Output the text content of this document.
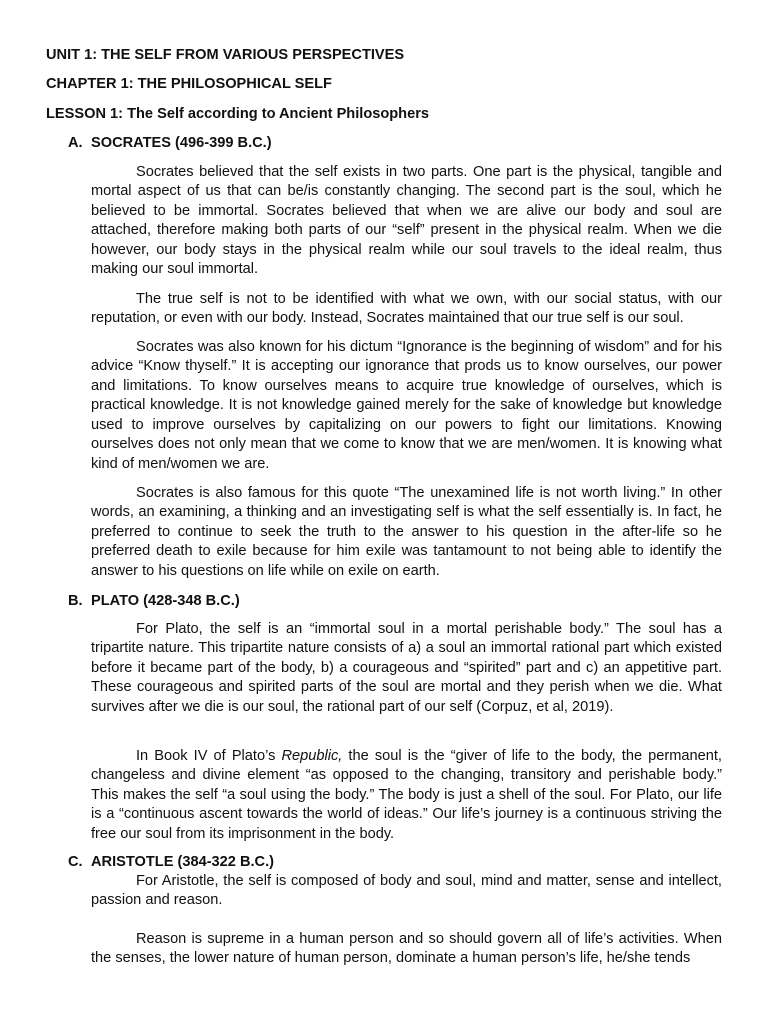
UNIT 1: THE SELF FROM VARIOUS PERSPECTIVES
CHAPTER 1: THE PHILOSOPHICAL SELF
LESSON 1: The Self according to Ancient Philosophers
A. SOCRATES (496-399 B.C.)

Socrates believed that the self exists in two parts. One part is the physical, tangible and mortal aspect of us that can be/is constantly changing. The second part is the soul, which he believed to be immortal. Socrates believed that when we are alive our body and soul are attached, therefore making both parts of our “self” present in the physical realm. When we die however, our body stays in the physical realm while our soul travels to the ideal realm, thus making our soul immortal.

The true self is not to be identified with what we own, with our social status, with our reputation, or even with our body. Instead, Socrates maintained that our true self is our soul.

Socrates was also known for his dictum “Ignorance is the beginning of wisdom” and for his advice “Know thyself.” It is accepting our ignorance that prods us to know ourselves, our power and limitations. To know ourselves means to acquire true knowledge of ourselves, which is practical knowledge. It is not knowledge gained merely for the sake of knowledge but knowledge used to improve ourselves by capitalizing on our powers to fight our limitations. Knowing ourselves does not only mean that we come to know that we are men/women. It is knowing what kind of men/women we are.

Socrates is also famous for this quote “The unexamined life is not worth living.” In other words, an examining, a thinking and an investigating self is what the self essentially is. In fact, he preferred to continue to seek the truth to the answer to his question in the after-life so he preferred death to exile because for him exile was tantamount to not being able to identify the answer to his questions on life while on exile on earth.

B. PLATO (428-348 B.C.)

For Plato, the self is an “immortal soul in a mortal perishable body.” The soul has a tripartite nature. This tripartite nature consists of a) a soul an immortal rational part which existed before it became part of the body, b) a courageous and “spirited” part and c) an appetitive part. These courageous and spirited parts of the soul are mortal and they perish when we die. What survives after we die is our soul, the rational part of our self (Corpuz, et al, 2019).

In Book IV of Plato’s Republic, the soul is the “giver of life to the body, the permanent, changeless and divine element “as opposed to the changing, transitory and perishable body.” This makes the self “a soul using the body.” The body is just a shell of the soul. For Plato, our life is a “continuous ascent towards the world of ideas.” Our life’s journey is a continuous striving the free our soul from its imprisonment in the body.

C. ARISTOTLE (384-322 B.C.)

For Aristotle, the self is composed of body and soul, mind and matter, sense and intellect, passion and reason.

Reason is supreme in a human person and so should govern all of life’s activities. When the senses, the lower nature of human person, dominate a human person’s life, he/she tends
